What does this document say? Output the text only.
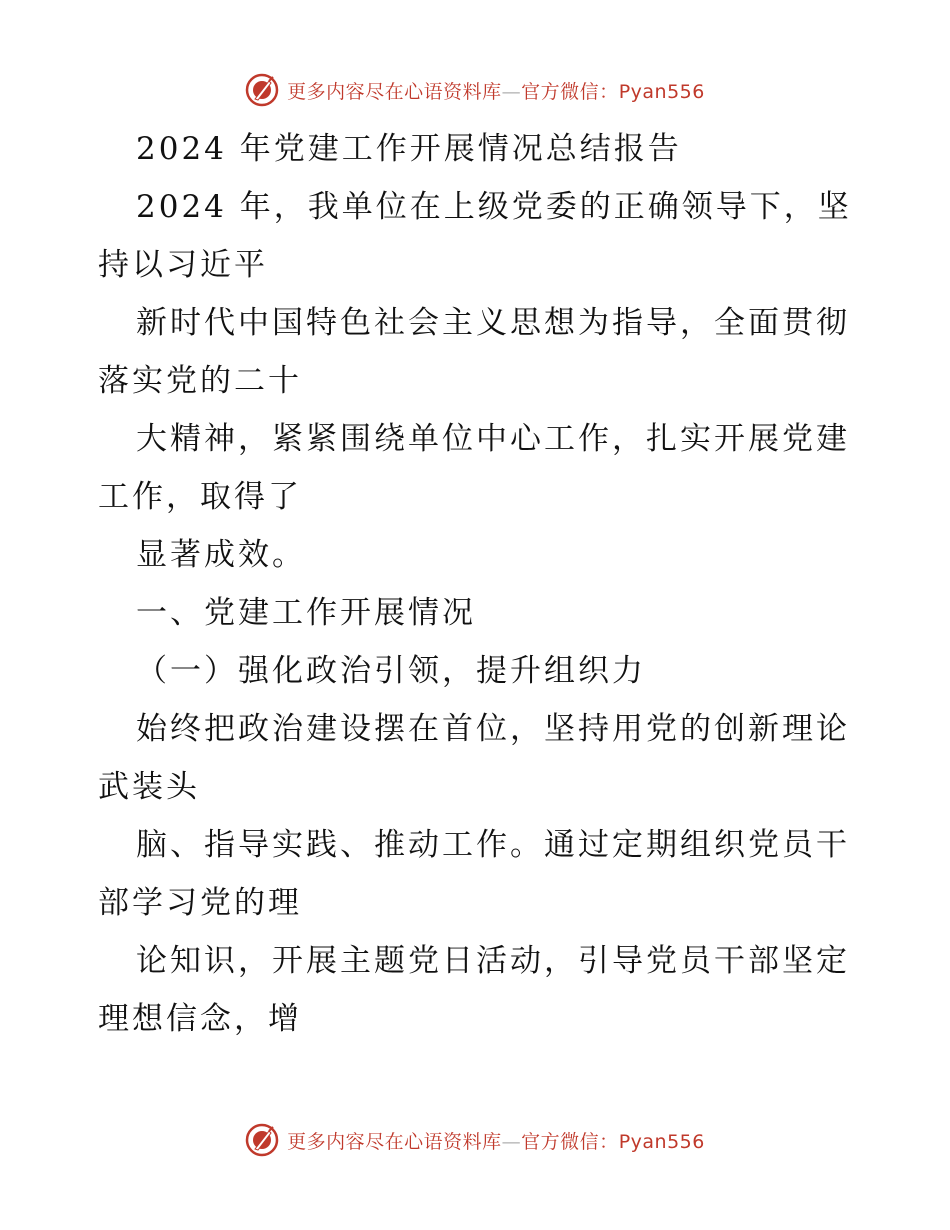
更多内容尽在心语资料库—官方微信：Pyan556
2024 年党建工作开展情况总结报告
2024 年，我单位在上级党委的正确领导下，坚
持以习近平
新时代中国特色社会主义思想为指导，全面贯彻
落实党的二十
大精神，紧紧围绕单位中心工作，扎实开展党建
工作，取得了
显著成效。
一、党建工作开展情况
（一）强化政治引领，提升组织力
始终把政治建设摆在首位，坚持用党的创新理论
武装头
脑、指导实践、推动工作。通过定期组织党员干
部学习党的理
论知识，开展主题党日活动，引导党员干部坚定
理想信念，增
更多内容尽在心语资料库—官方微信：Pyan556
